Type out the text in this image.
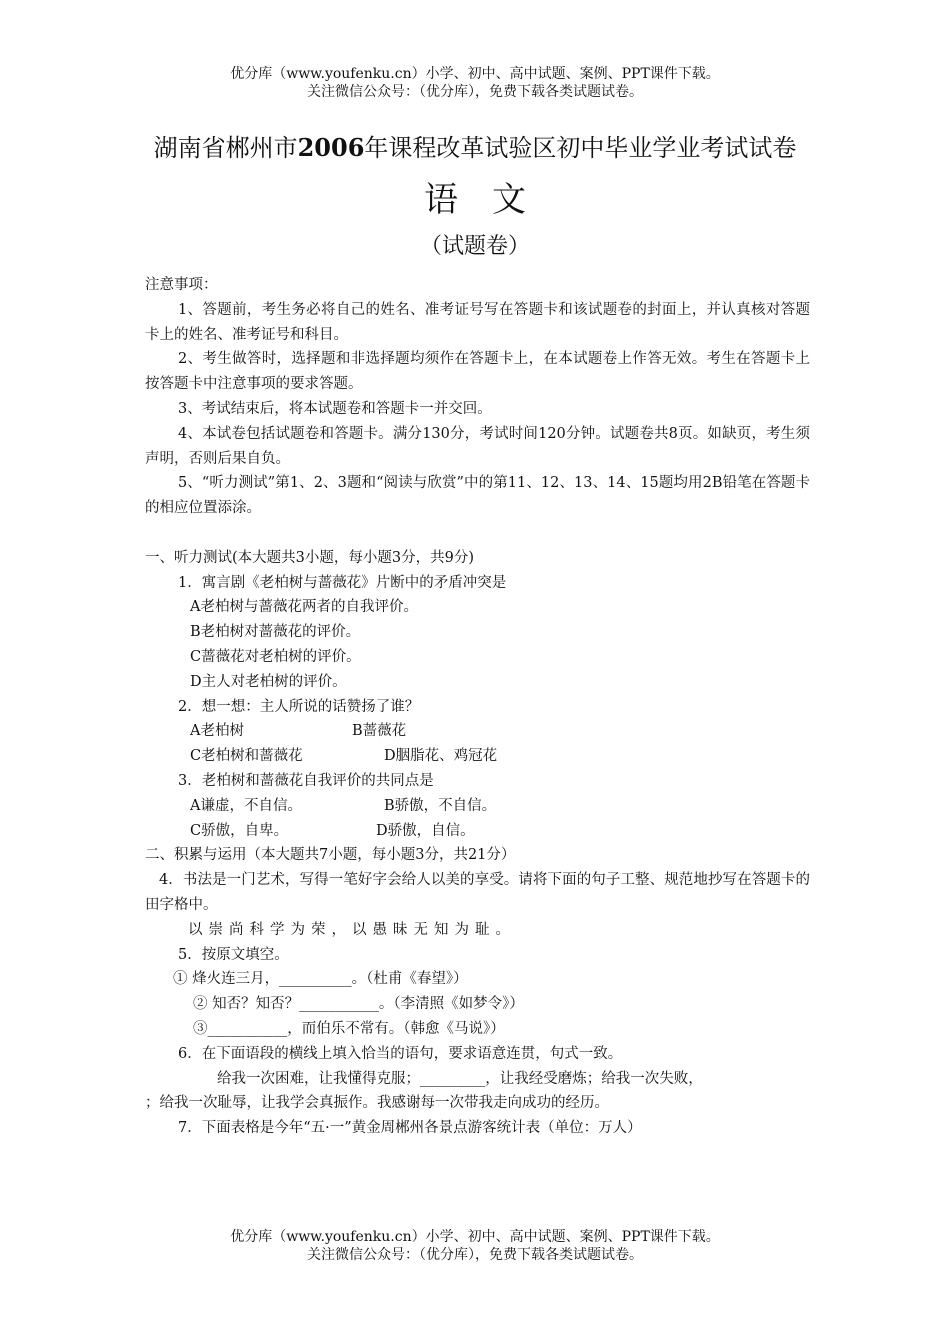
优分库（www.youfenku.cn）小学、初中、高中试题、案例、PPT课件下载。
关注微信公众号：（优分库），免费下载各类试题试卷。
湖南省郴州市2006年课程改革试验区初中毕业学业考试试卷
语文
（试题卷）

注意事项：

1、答题前，考生务必将自己的姓名、准考证号写在答题卡和该试题卷的封面上，并认真核对答题卡上的姓名、准考证号和科目。

2、考生做答时，选择题和非选择题均须作在答题卡上，在本试题卷上作答无效。考生在答题卡上按答题卡中注意事项的要求答题。

3、考试结束后，将本试题卷和答题卡一并交回。

4、本试卷包括试题卷和答题卡。满分130分，考试时间120分钟。试题卷共8页。如缺页，考生须声明，否则后果自负。

5、“听力测试”第1、2、3题和“阅读与欣赏”中的第11、12、13、14、15题均用2B铅笔在答题卡的相应位置添涂。

一、听力测试(本大题共3小题，每小题3分，共9分)

1．寓言剧《老柏树与蔷薇花》片断中的矛盾冲突是

A老柏树与蔷薇花两者的自我评价。

B老柏树对蔷薇花的评价。

C蔷薇花对老柏树的评价。

D主人对老柏树的评价。

2．想一想：主人所说的话赞扬了谁？

A老柏树	B蔷薇花

C老柏树和蔷薇花	D胭脂花、鸡冠花

3．老柏树和蔷薇花自我评价的共同点是

A谦虚，不自信。	B骄傲，不自信。

C骄傲，自卑。	D骄傲，自信。

二、积累与运用（本大题共7小题，每小题3分，共21分）

4．书法是一门艺术，写得一笔好字会给人以美的享受。请将下面的句子工整、规范地抄写在答题卡的田字格中。

以崇尚科学为荣，以愚昧无知为耻。

5．按原文填空。

① 烽火连三月，__________。（杜甫《春望》）

② 知否？知否？___________。（李清照《如梦令》）

③___________，而伯乐不常有。（韩愈《马说》）

6．在下面语段的横线上填入恰当的语句，要求语意连贯，句式一致。

给我一次困难，让我懂得克服；_________，让我经受磨炼；给我一次失败，

；给我一次耻辱，让我学会真振作。我感谢每一次带我走向成功的经历。

7．下面表格是今年“五·一”黄金周郴州各景点游客统计表（单位：万人）

优分库（www.youfenku.cn）小学、初中、高中试题、案例、PPT课件下载。
关注微信公众号：（优分库），免费下载各类试题试卷。
